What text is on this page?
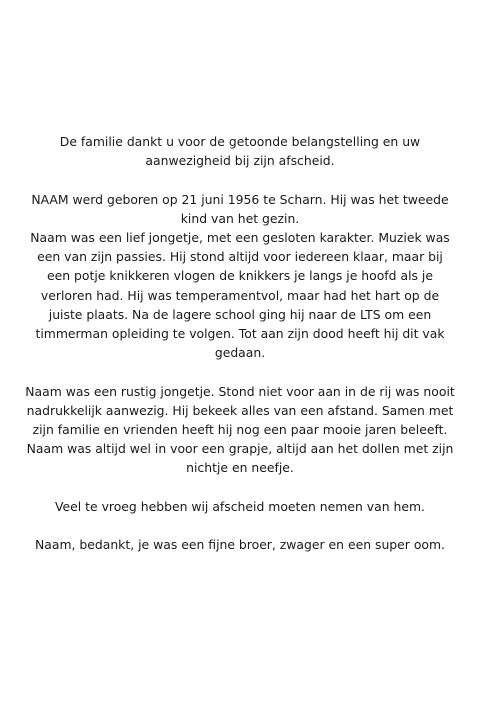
De familie dankt u voor de getoonde belangstelling en uw aanwezigheid bij zijn afscheid.

NAAM werd geboren op 21 juni 1956 te Scharn. Hij was het tweede kind van het gezin.
Naam was een lief jongetje, met een gesloten karakter. Muziek was een van zijn passies. Hij stond altijd voor iedereen klaar, maar bij een potje knikkeren vlogen de knikkers je langs je hoofd als je verloren had. Hij was temperamentvol, maar had het hart op de juiste plaats. Na de lagere school ging hij naar de LTS om een timmerman opleiding te volgen. Tot aan zijn dood heeft hij dit vak gedaan.

Naam was een rustig jongetje. Stond niet voor aan in de rij was nooit nadrukkelijk aanwezig. Hij bekeek alles van een afstand. Samen met zijn familie en vrienden heeft hij nog een paar mooie jaren beleeft. Naam was altijd wel in voor een grapje, altijd aan het dollen met zijn nichtje en neefje.

Veel te vroeg hebben wij afscheid moeten nemen van hem.

Naam, bedankt, je was een fijne broer, zwager en een super oom.
